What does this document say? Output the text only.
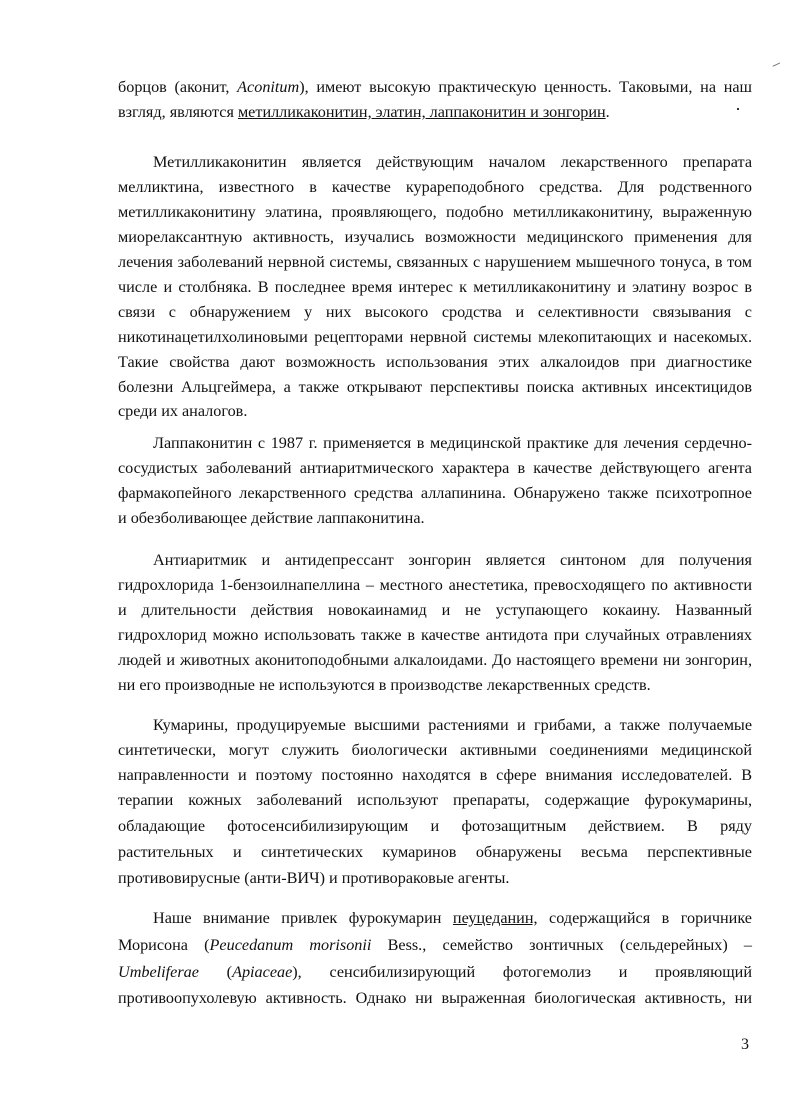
3
борцов (аконит, Aconitum), имеют высокую практическую ценность. Таковыми, на наш
взгляд, являются метилликаконитин, элатин, лаппаконитин и зонгорин.
Метилликаконитин является действующим началом лекарственного препарата
мелликтина, известного в качестве курареподобного средства. Для родственного
метилликаконитину элатина, проявляющего, подобно метилликаконитину, выраженную
миорелаксантную активность, изучались возможности медицинского применения для
лечения заболеваний нервной системы, связанных с нарушением мышечного тонуса, в том
числе и столбняка. В последнее время интерес к метилликаконитину и элатину возрос в
связи с обнаружением у них высокого сродства и селективности связывания с
никотинацетилхолиновыми рецепторами нервной системы млекопитающих и насекомых.
Такие свойства дают возможность использования этих алкалоидов при диагностике
болезни Альцгеймера, а также открывают перспективы поиска активных инсектицидов
среди их аналогов.
Лаппаконитин с 1987 г. применяется в медицинской практике для лечения сердечно-
сосудистых заболеваний антиаритмического характера в качестве действующего агента
фармакопейного лекарственного средства аллапинина. Обнаружено также психотропное
и обезболивающее действие лаппаконитина.
Антиаритмик и антидепрессант зонгорин является синтоном для получения
гидрохлорида 1-бензоилнапеллина – местного анестетика, превосходящего по активности
и длительности действия новокаинамид и не уступающего кокаину. Названный
гидрохлорид можно использовать также в качестве антидота при случайных отравлениях
людей и животных аконитоподобными алкалоидами. До настоящего времени ни зонгорин,
ни его производные не используются в производстве лекарственных средств.
Кумарины, продуцируемые высшими растениями и грибами, а также получаемые
синтетически, могут служить биологически активными соединениями медицинской
направленности и поэтому постоянно находятся в сфере внимания исследователей. В
терапии кожных заболеваний используют препараты, содержащие фурокумарины,
обладающие фотосенсибилизирующим и фотозащитным действием. В ряду
растительных и синтетических кумаринов обнаружены весьма перспективные
противовирусные (анти-ВИЧ) и противораковые агенты.
Наше внимание привлек фурокумарин пеуцеданин, содержащийся в горичнике
Морисона (Peucedanum morisonii Bess., семейство зонтичных (сельдерейных) –
Umbeliferae (Apiaceae), сенсибилизирующий фотогемолиз и проявляющий
противоопухолевую активность. Однако ни выраженная биологическая активность, ни
